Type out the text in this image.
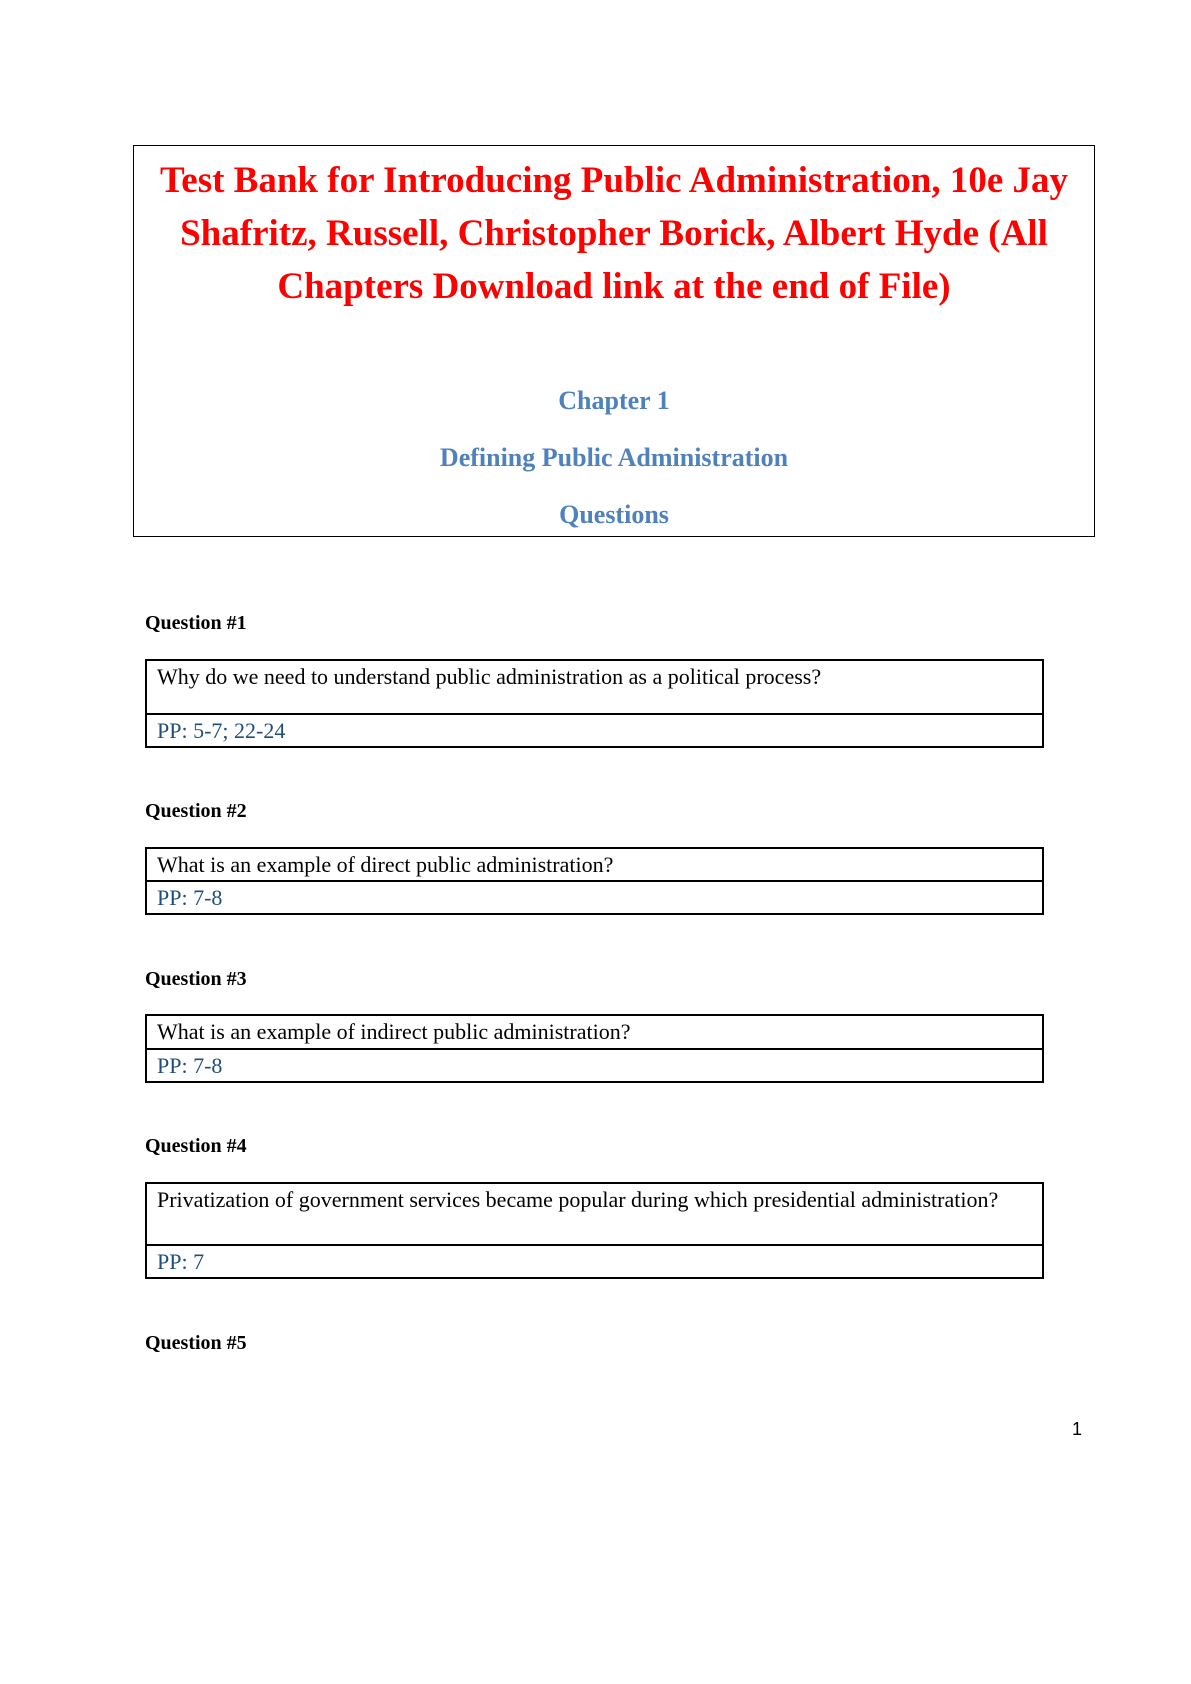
Test Bank for Introducing Public Administration, 10e Jay Shafritz, Russell, Christopher Borick, Albert Hyde (All Chapters Download link at the end of File)

Chapter 1

Defining Public Administration

Questions

Question #1
Why do we need to understand public administration as a political process?
PP: 5-7; 22-24
Question #2
What is an example of direct public administration?
PP: 7-8
Question #3
What is an example of indirect public administration?
PP: 7-8
Question #4
Privatization of government services became popular during which presidential administration?
PP: 7
Question #5
1
